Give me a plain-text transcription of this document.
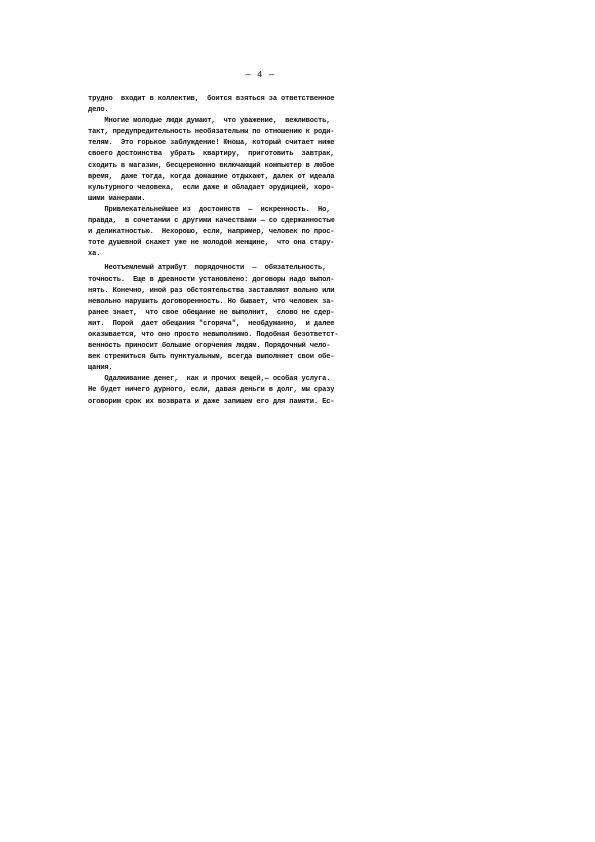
— 4 —
трудно  входит в коллектив,  боится взяться за ответственное
дело.
Многие молодые люди думают,  что уважение,  вежливость,
такт, предупредительность необязательны по отношению к роди-
телям.  Это горькое заблуждение! Юноша, который считает ниже
своего достоинства  убрать  квартиру,  приготовить  завтрак,
сходить в магазин, бесцеремонно включающий компьютер в любое
время,  даже тогда, когда домашние отдыхают, далек от идеала
культурного человека,  если даже и обладает эрудицией, хоро-
шими манерами.
Привлекательнейшее из  достоинств  —  искренность.  Но,
правда,  в сочетании с другими качествами — со сдержанностью
и деликатностью.  Нехорошо, если, например, человек по прос-
тоте душевной скажет уже не молодой женщине,  что она стару-
ха.
Неотъемлемый атрибут  порядочности  —  обязательность,
точность.  Еще в древности установлено: договоры надо выпол-
нять. Конечно, иной раз обстоятельства заставляют вольно или
невольно нарушить договоренность. Но бывает, что человек за-
ранее знает,  что свое обещание не выполнит,  слово не сдер-
жит.  Порой  дает обещания "сгоряча",  необдуманно,  и далее
оказывается, что оно просто невыполнимо. Подобная безответст-
венность приносит большие огорчения людям. Порядочный чело-
век стремиться быть пунктуальным, всегда выполняет свои обе-
щания.
Одалживание денег,  как и прочих вещей,— особая услуга.
Не будет ничего дурного, если, давая деньги в долг, мы сразу
оговорим срок их возврата и даже запишем его для памяти. Ес-
